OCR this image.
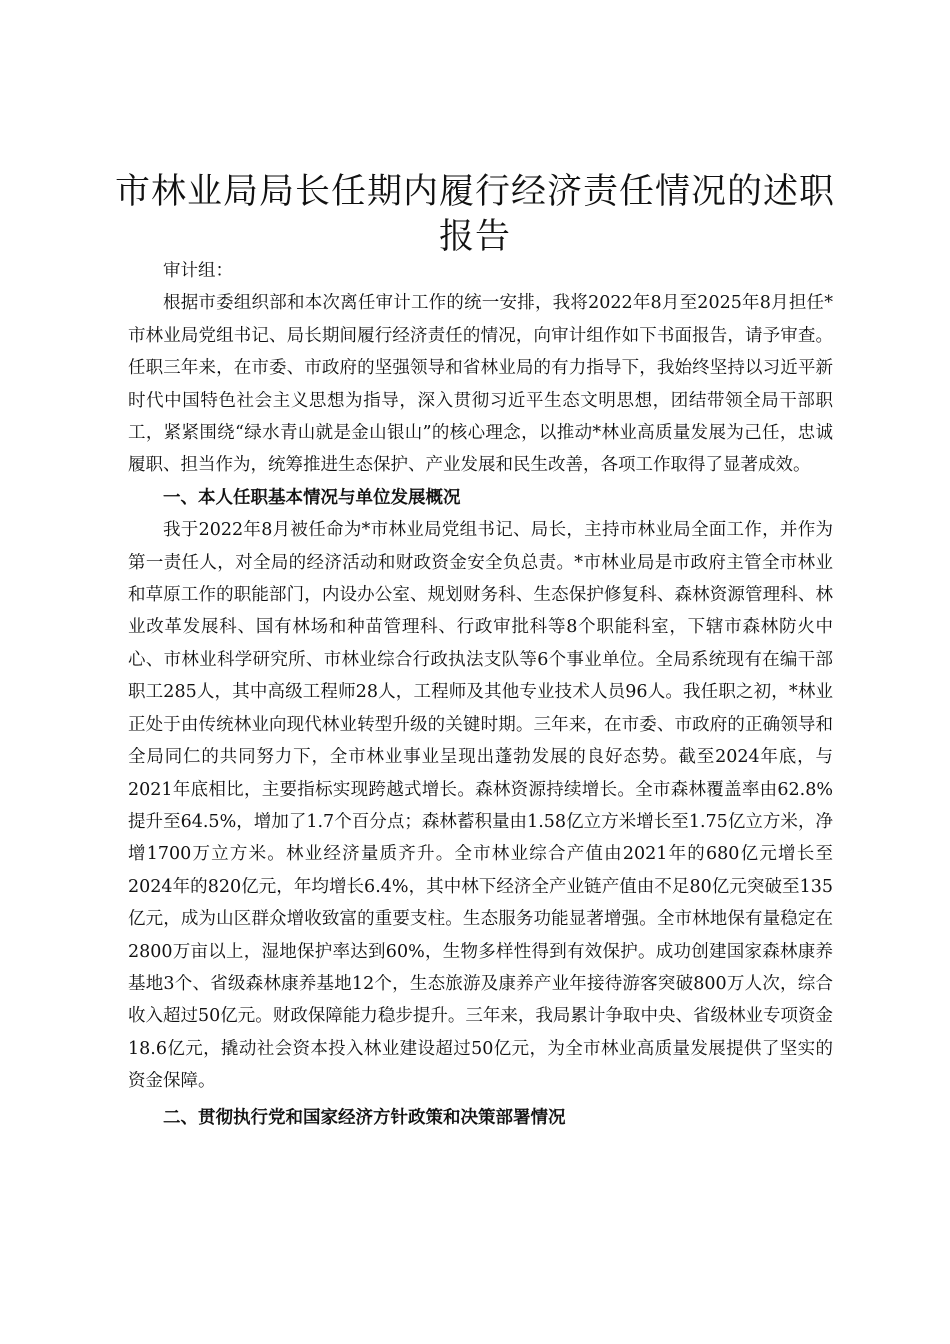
市林业局局长任期内履行经济责任情况的述职报告

审计组：

根据市委组织部和本次离任审计工作的统一安排，我将2022年8月至2025年8月担任*市林业局党组书记、局长期间履行经济责任的情况，向审计组作如下书面报告，请予审查。任职三年来，在市委、市政府的坚强领导和省林业局的有力指导下，我始终坚持以习近平新时代中国特色社会主义思想为指导，深入贯彻习近平生态文明思想，团结带领全局干部职工，紧紧围绕“绿水青山就是金山银山”的核心理念，以推动*林业高质量发展为己任，忠诚履职、担当作为，统筹推进生态保护、产业发展和民生改善，各项工作取得了显著成效。

一、本人任职基本情况与单位发展概况

我于2022年8月被任命为*市林业局党组书记、局长，主持市林业局全面工作，并作为第一责任人，对全局的经济活动和财政资金安全负总责。*市林业局是市政府主管全市林业和草原工作的职能部门，内设办公室、规划财务科、生态保护修复科、森林资源管理科、林业改革发展科、国有林场和种苗管理科、行政审批科等8个职能科室，下辖市森林防火中心、市林业科学研究所、市林业综合行政执法支队等6个事业单位。全局系统现有在编干部职工285人，其中高级工程师28人，工程师及其他专业技术人员96人。我任职之初，*林业正处于由传统林业向现代林业转型升级的关键时期。三年来，在市委、市政府的正确领导和全局同仁的共同努力下，全市林业事业呈现出蓬勃发展的良好态势。截至2024年底，与2021年底相比，主要指标实现跨越式增长。森林资源持续增长。全市森林覆盖率由62.8%提升至64.5%，增加了1.7个百分点；森林蓄积量由1.58亿立方米增长至1.75亿立方米，净增1700万立方米。林业经济量质齐升。全市林业综合产值由2021年的680亿元增长至2024年的820亿元，年均增长6.4%，其中林下经济全产业链产值由不足80亿元突破至135亿元，成为山区群众增收致富的重要支柱。生态服务功能显著增强。全市林地保有量稳定在2800万亩以上，湿地保护率达到60%，生物多样性得到有效保护。成功创建国家森林康养基地3个、省级森林康养基地12个，生态旅游及康养产业年接待游客突破800万人次，综合收入超过50亿元。财政保障能力稳步提升。三年来，我局累计争取中央、省级林业专项资金18.6亿元，撬动社会资本投入林业建设超过50亿元，为全市林业高质量发展提供了坚实的资金保障。

二、贯彻执行党和国家经济方针政策和决策部署情况
